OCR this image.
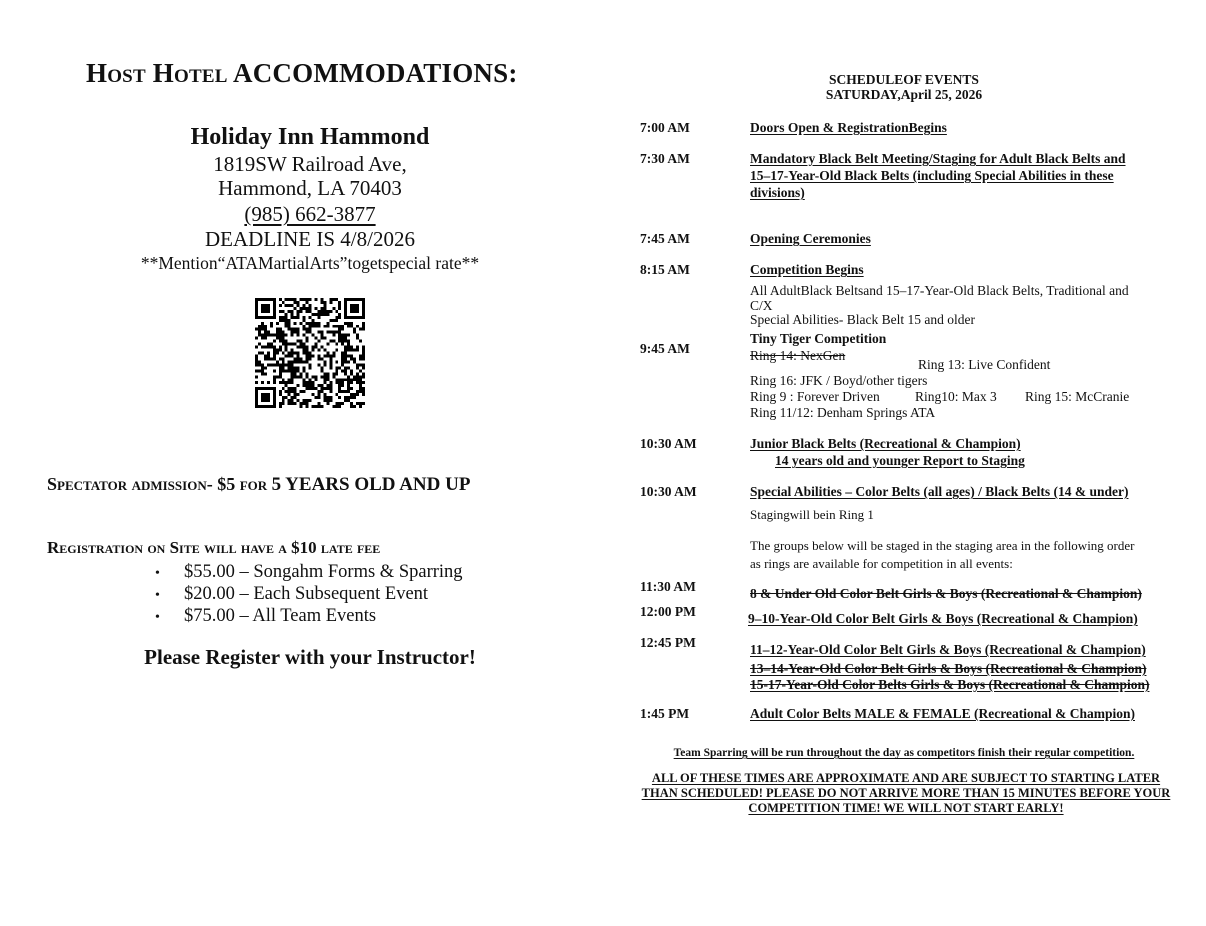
Host Hotel ACCOMMODATIONS:
Holiday Inn Hammond
1819SW Railroad Ave,
Hammond, LA 70403
(985) 662-3877
DEADLINE IS 4/8/2026
**Mention“ATAMartialArts”togetspecial rate**
Spectator admission- $5 for 5 YEARS OLD AND UP
Registration on Site will have a $10 late fee
• $55.00 – Songahm Forms & Sparring
• $20.00 – Each Subsequent Event
• $75.00 – All Team Events
Please Register with your Instructor!
SCHEDULEOF EVENTS
SATURDAY,April 25, 2026
7:00 AM	Doors Open & RegistrationBegins
7:30 AM	Mandatory Black Belt Meeting/Staging for Adult Black Belts and
15–17-Year-Old Black Belts (including Special Abilities in these
divisions)
7:45 AM	Opening Ceremonies
8:15 AM	Competition Begins
All AdultBlack Beltsand 15–17-Year-Old Black Belts, Traditional and
C/X
Special Abilities- Black Belt 15 and older
9:45 AM
Tiny Tiger Competition
Ring 14: NexGen
Ring 13: Live Confident
Ring 16: JFK / Boyd/other tigers
Ring 9 : Forever Driven	Ring10: Max 3 Ring 15: McCranie
Ring 11/12: Denham Springs ATA
10:30 AM	Junior Black Belts (Recreational & Champion)
14 years old and younger Report to Staging
10:30 AM	Special Abilities – Color Belts (all ages) / Black Belts (14 & under)
Stagingwill bein Ring 1
The groups below will be staged in the staging area in the following order
as rings are available for competition in all events:
11:30 AM	8 & Under Old Color Belt Girls & Boys (Recreational & Champion)
12:00 PM	9–10-Year-Old Color Belt Girls & Boys (Recreational & Champion)
12:45 PM	11–12-Year-Old Color Belt Girls & Boys (Recreational & Champion)
13–14-Year-Old Color Belt Girls & Boys (Recreational & Champion)
15-17-Year-Old Color Belts Girls & Boys (Recreational & Champion)
1:45 PM	Adult Color Belts MALE & FEMALE (Recreational & Champion)
Team Sparring will be run throughout the day as competitors finish their regular competition.
ALL OF THESE TIMES ARE APPROXIMATE AND ARE SUBJECT TO STARTING LATER
THAN SCHEDULED! PLEASE DO NOT ARRIVE MORE THAN 15 MINUTES BEFORE YOUR
COMPETITION TIME! WE WILL NOT START EARLY!
